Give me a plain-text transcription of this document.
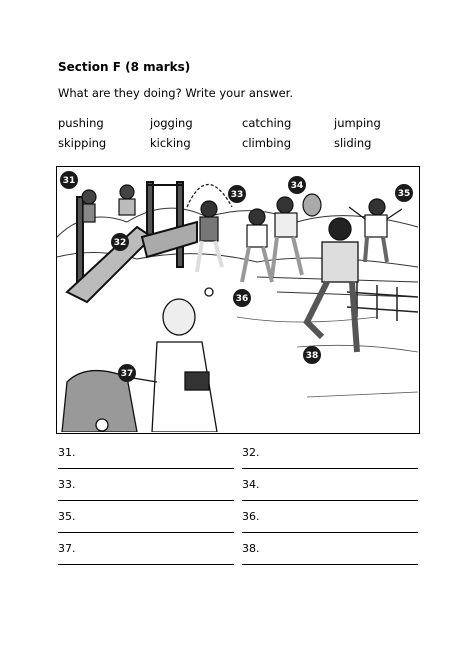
Section F (8 marks)
What are they doing? Write your answer.
pushing	jogging	catching	jumping
skipping	kicking	climbing	sliding
31
32
33
34
35
36
37
38
31.	32.
33.	34.
35.	36.
37.	38.
